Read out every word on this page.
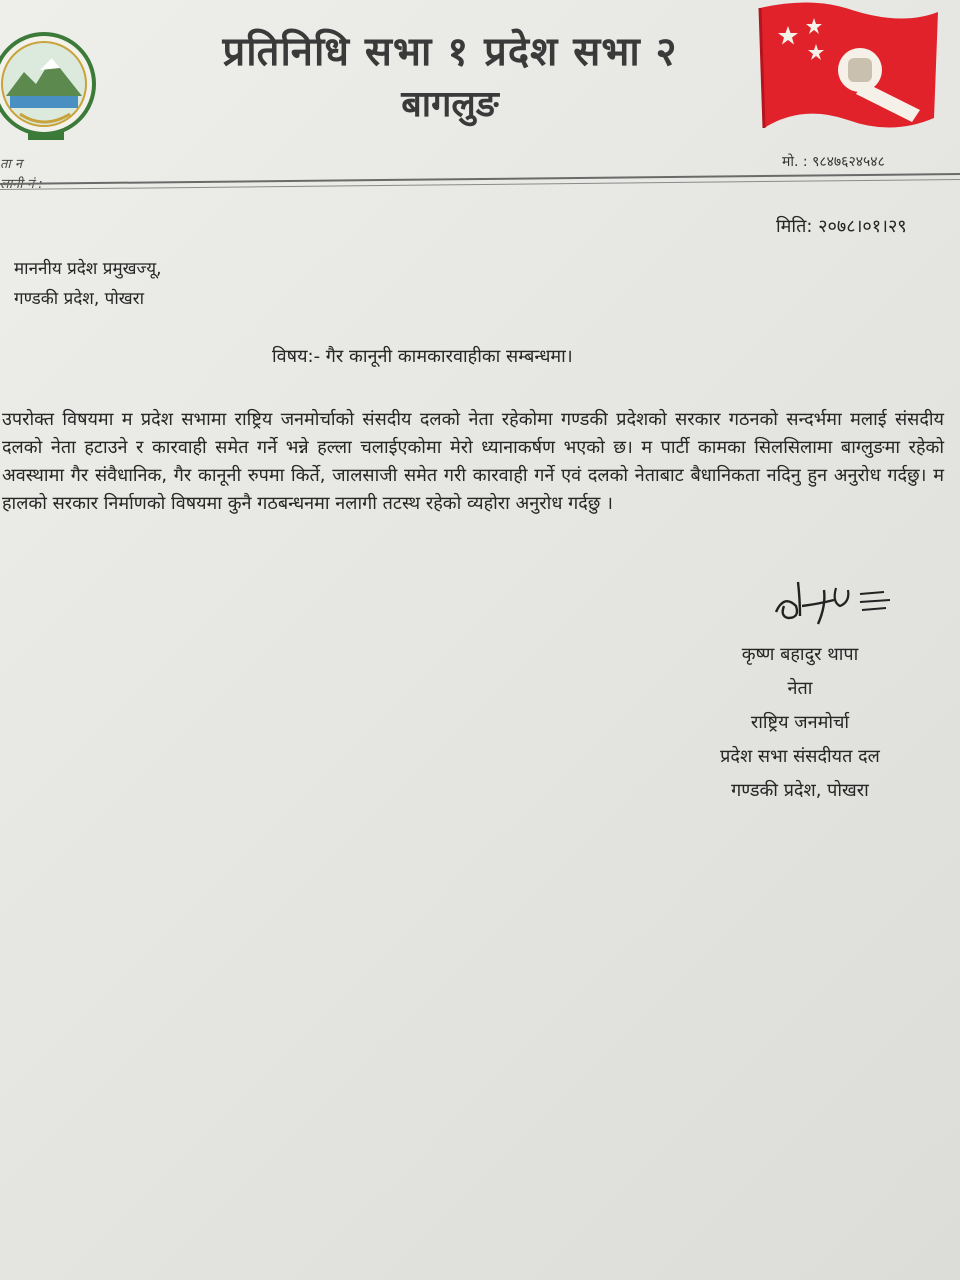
प्रतिनिधि सभा १ प्रदेश सभा २
बागलुङ
ता न	मो. : ९८४७६२४५४८
मिति: २०७८।०१।२९
माननीय प्रदेश प्रमुखज्यू,
गण्डकी प्रदेश, पोखरा
विषय:- गैर कानूनी कामकारवाहीका सम्बन्धमा।

उपरोक्त विषयमा म प्रदेश सभामा राष्ट्रिय जनमोर्चाको संसदीय दलको नेता रहेकोमा गण्डकी प्रदेशको सरकार गठनको सन्दर्भमा मलाई संसदीय दलको नेता हटाउने र कारवाही समेत गर्ने भन्ने हल्ला चलाईएकोमा मेरो ध्यानाकर्षण भएको छ। म पार्टी कामका सिलसिलामा बाग्लुङमा रहेको अवस्थामा गैर संवैधानिक, गैर कानूनी रुपमा किर्ते, जालसाजी समेत गरी कारवाही गर्ने एवं दलको नेताबाट बैधानिकता नदिनु हुन अनुरोध गर्दछु। म हालको सरकार निर्माणको विषयमा कुनै गठबन्धनमा नलागी तटस्थ रहेको व्यहोरा अनुरोध गर्दछु ।

कृष्ण बहादुर थापा

नेता

राष्ट्रिय जनमोर्चा

प्रदेश सभा संसदीयत दल

गण्डकी प्रदेश, पोखरा
